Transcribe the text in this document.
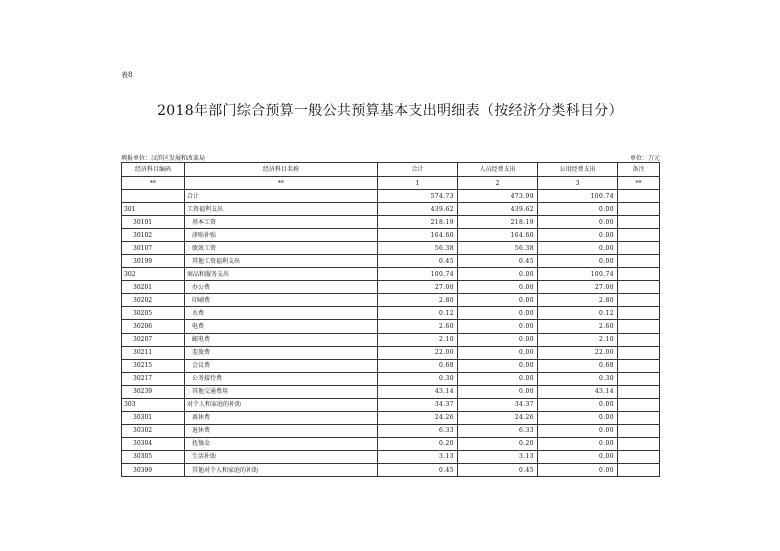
表8
2018年部门综合预算一般公共预算基本支出明细表（按经济分类科目分）
填报单位：汉滨区发展和改革局	单位：万元
经济科目编码	经济科目名称	合计	人员经费支出	公用经费支出	备注
**	**	1	2	3	**
	合计	574.73	473.99	100.74	
301	工资福利支出	439.62	439.62	0.00	
30101	基本工资	218.19	218.19	0.00	
30102	津贴补贴	164.60	164.60	0.00	
30107	绩效工资	56.38	56.38	0.00	
30199	其他工资福利支出	0.45	0.45	0.00	
302	商品和服务支出	100.74	0.00	100.74	
30201	办公费	27.00	0.00	27.00	
30202	印刷费	2.80	0.00	2.80	
30205	水费	0.12	0.00	0.12	
30206	电费	2.60	0.00	2.60	
30207	邮电费	2.10	0.00	2.10	
30211	差旅费	22.00	0.00	22.00	
30215	会议费	0.68	0.00	0.68	
30217	公务接待费	0.30	0.00	0.30	
30239	其他交通费用	43.14	0.00	43.14	
303	对个人和家庭的补助	34.37	34.37	0.00	
30301	离休费	24.26	24.26	0.00	
30302	退休费	6.33	6.33	0.00	
30304	抚恤金	0.20	0.20	0.00	
30305	生活补助	3.13	3.13	0.00	
30399	其他对个人和家庭的补助	0.45	0.45	0.00	
